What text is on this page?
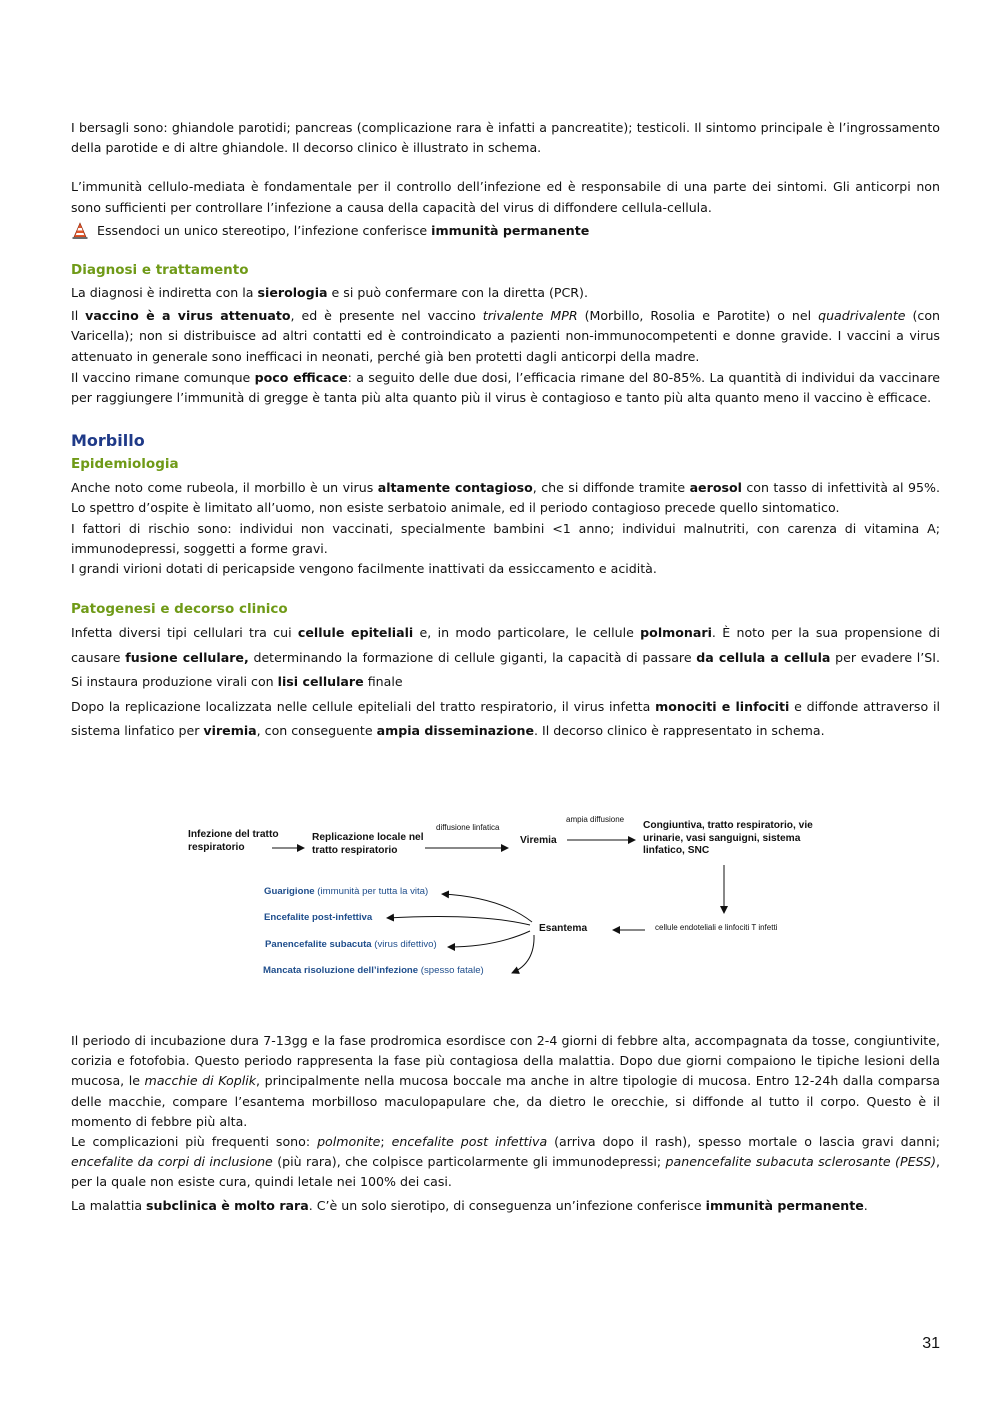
I bersagli sono: ghiandole parotidi; pancreas (complicazione rara è infatti a pancreatite); testicoli. Il sintomo principale è l’ingrossamento della parotide e di altre ghiandole. Il decorso clinico è illustrato in schema.

L’immunità cellulo-mediata è fondamentale per il controllo dell’infezione ed è responsabile di una parte dei sintomi. Gli anticorpi non sono sufficienti per controllare l’infezione a causa della capacità del virus di diffondere cellula-cellula.

Essendoci un unico stereotipo, l’infezione conferisce immunità permanente

Diagnosi e trattamento

La diagnosi è indiretta con la sierologia e si può confermare con la diretta (PCR).

Il vaccino è a virus attenuato, ed è presente nel vaccino trivalente MPR (Morbillo, Rosolia e Parotite) o nel quadrivalente (con Varicella); non si distribuisce ad altri contatti ed è controindicato a pazienti non-immunocompetenti e donne gravide. I vaccini a virus attenuato in generale sono inefficaci in neonati, perché già ben protetti dagli anticorpi della madre.

Il vaccino rimane comunque poco efficace: a seguito delle due dosi, l’efficacia rimane del 80-85%. La quantità di individui da vaccinare per raggiungere l’immunità di gregge è tanta più alta quanto più il virus è contagioso e tanto più alta quanto meno il vaccino è efficace.

Morbillo

Epidemiologia

Anche noto come rubeola, il morbillo è un virus altamente contagioso, che si diffonde tramite aerosol con tasso di infettività al 95%. Lo spettro d’ospite è limitato all’uomo, non esiste serbatoio animale, ed il periodo contagioso precede quello sintomatico.

I fattori di rischio sono: individui non vaccinati, specialmente bambini <1 anno; individui malnutriti, con carenza di vitamina A; immunodepressi, soggetti a forme gravi.

I grandi virioni dotati di pericapside vengono facilmente inattivati da essiccamento e acidità.

Patogenesi e decorso clinico

Infetta diversi tipi cellulari tra cui cellule epiteliali e, in modo particolare, le cellule polmonari. È noto per la sua propensione di causare fusione cellulare, determinando la formazione di cellule giganti, la capacità di passare da cellula a cellula per evadere l’SI. Si instaura produzione virali con lisi cellulare finale

Dopo la replicazione localizzata nelle cellule epiteliali del tratto respiratorio, il virus infetta monociti e linfociti e diffonde attraverso il sistema linfatico per viremia, con conseguente ampia disseminazione. Il decorso clinico è rappresentato in schema.

Infezione del tratto respiratorio
Replicazione locale nel tratto respiratorio
diffusione linfatica
Viremia
ampia diffusione
Congiuntiva, tratto respiratorio, vie urinarie, vasi sanguigni, sistema linfatico, SNC
cellule endoteliali e linfociti T infetti
Esantema
Guarigione (immunità per tutta la vita)
Encefalite post-infettiva
Panencefalite subacuta (virus difettivo)
Mancata risoluzione dell’infezione (spesso fatale)

Il periodo di incubazione dura 7-13gg e la fase prodromica esordisce con 2-4 giorni di febbre alta, accompagnata da tosse, congiuntivite, corizia e fotofobia. Questo periodo rappresenta la fase più contagiosa della malattia. Dopo due giorni compaiono le tipiche lesioni della mucosa, le macchie di Koplik, principalmente nella mucosa boccale ma anche in altre tipologie di mucosa. Entro 12-24h dalla comparsa delle macchie, compare l’esantema morbilloso maculopapulare che, da dietro le orecchie, si diffonde al tutto il corpo. Questo è il momento di febbre più alta.

Le complicazioni più frequenti sono: polmonite; encefalite post infettiva (arriva dopo il rash), spesso mortale o lascia gravi danni; encefalite da corpi di inclusione (più rara), che colpisce particolarmente gli immunodepressi; panencefalite subacuta sclerosante (PESS), per la quale non esiste cura, quindi letale nei 100% dei casi.

La malattia subclinica è molto rara. C’è un solo sierotipo, di conseguenza un’infezione conferisce immunità permanente.

31
